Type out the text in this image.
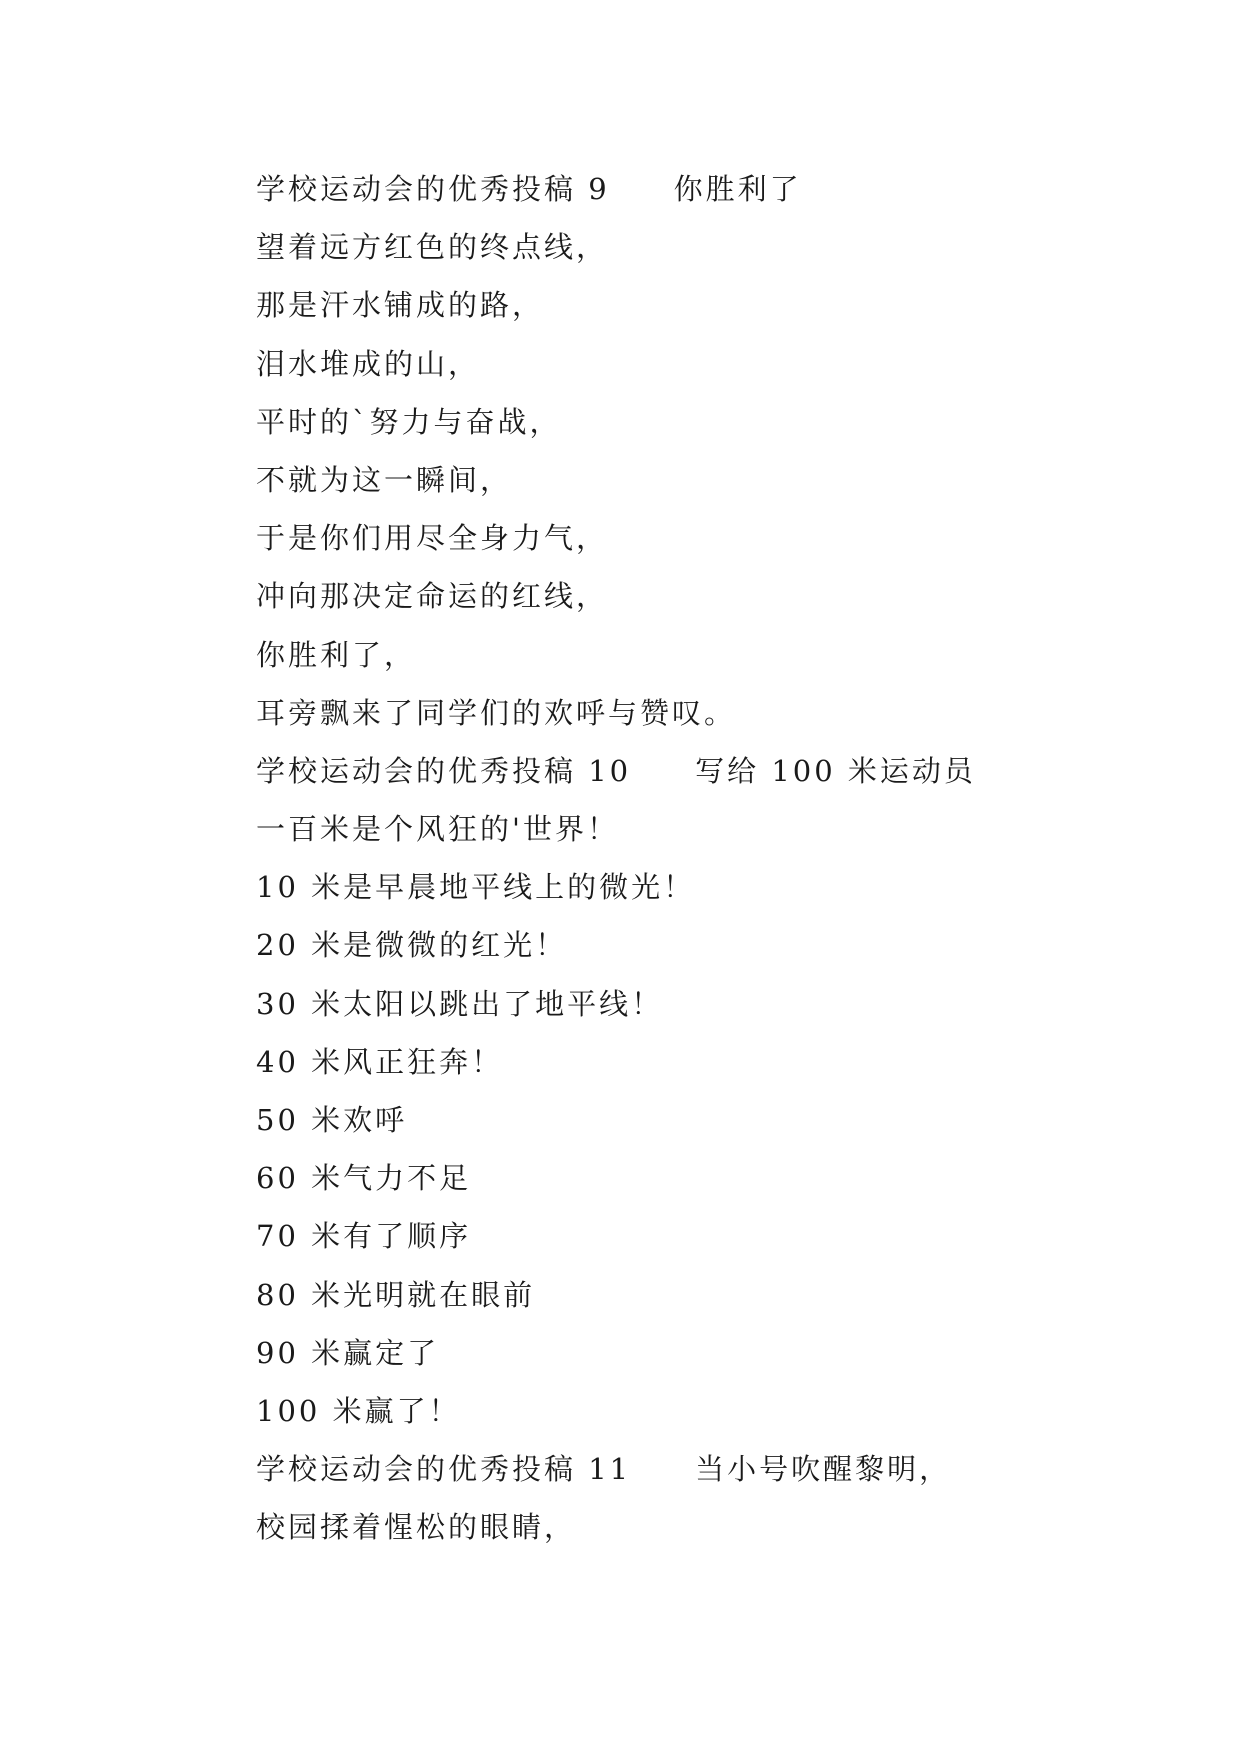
学校运动会的优秀投稿 9 你胜利了
望着远方红色的终点线，
那是汗水铺成的路，
泪水堆成的山，
平时的`努力与奋战，
不就为这一瞬间，
于是你们用尽全身力气，
冲向那决定命运的红线，
你胜利了，
耳旁飘来了同学们的欢呼与赞叹。
学校运动会的优秀投稿 10 写给 100 米运动员
一百米是个风狂的'世界！
10 米是早晨地平线上的微光！
20 米是微微的红光！
30 米太阳以跳出了地平线！
40 米风正狂奔！
50 米欢呼
60 米气力不足
70 米有了顺序
80 米光明就在眼前
90 米赢定了
100 米赢了！
学校运动会的优秀投稿 11 当小号吹醒黎明，
校园揉着惺松的眼睛，
